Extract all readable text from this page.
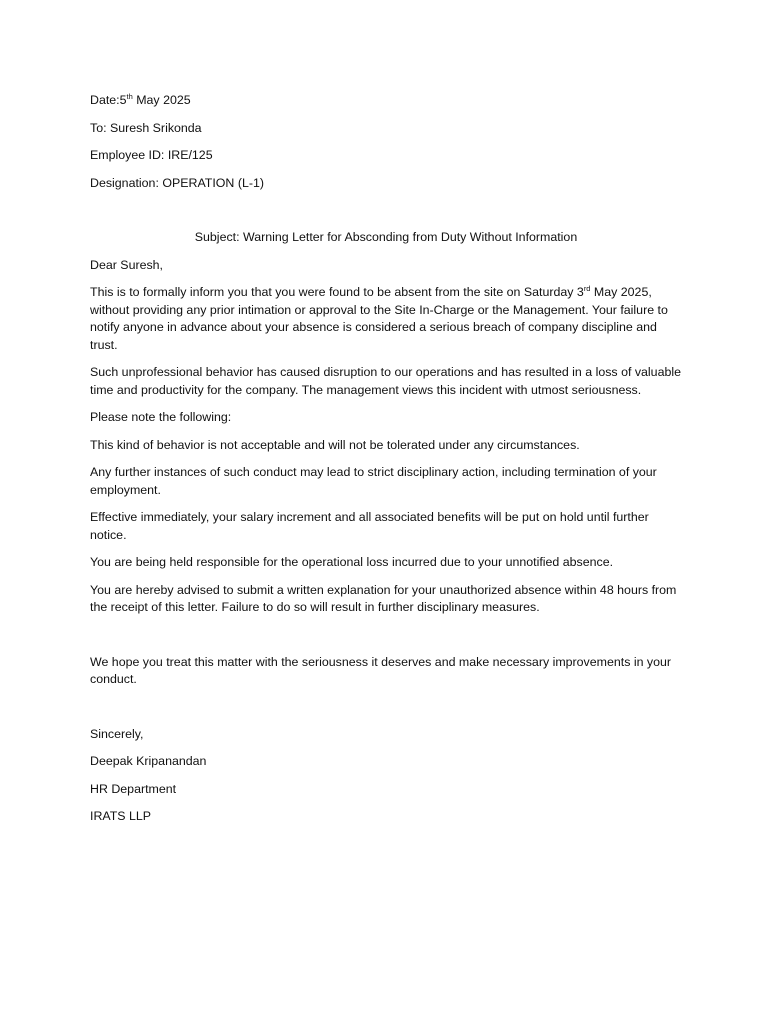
Date:5th May 2025

To: Suresh Srikonda

Employee ID: IRE/125

Designation: OPERATION (L-1)

Subject: Warning Letter for Absconding from Duty Without Information

Dear Suresh,

This is to formally inform you that you were found to be absent from the site on Saturday 3rd May 2025, without providing any prior intimation or approval to the Site In-Charge or the Management. Your failure to notify anyone in advance about your absence is considered a serious breach of company discipline and trust.

Such unprofessional behavior has caused disruption to our operations and has resulted in a loss of valuable time and productivity for the company. The management views this incident with utmost seriousness.

Please note the following:

This kind of behavior is not acceptable and will not be tolerated under any circumstances.

Any further instances of such conduct may lead to strict disciplinary action, including termination of your employment.

Effective immediately, your salary increment and all associated benefits will be put on hold until further notice.

You are being held responsible for the operational loss incurred due to your unnotified absence.

You are hereby advised to submit a written explanation for your unauthorized absence within 48 hours from the receipt of this letter. Failure to do so will result in further disciplinary measures.

We hope you treat this matter with the seriousness it deserves and make necessary improvements in your conduct.

Sincerely,

Deepak Kripanandan

HR Department

IRATS LLP
